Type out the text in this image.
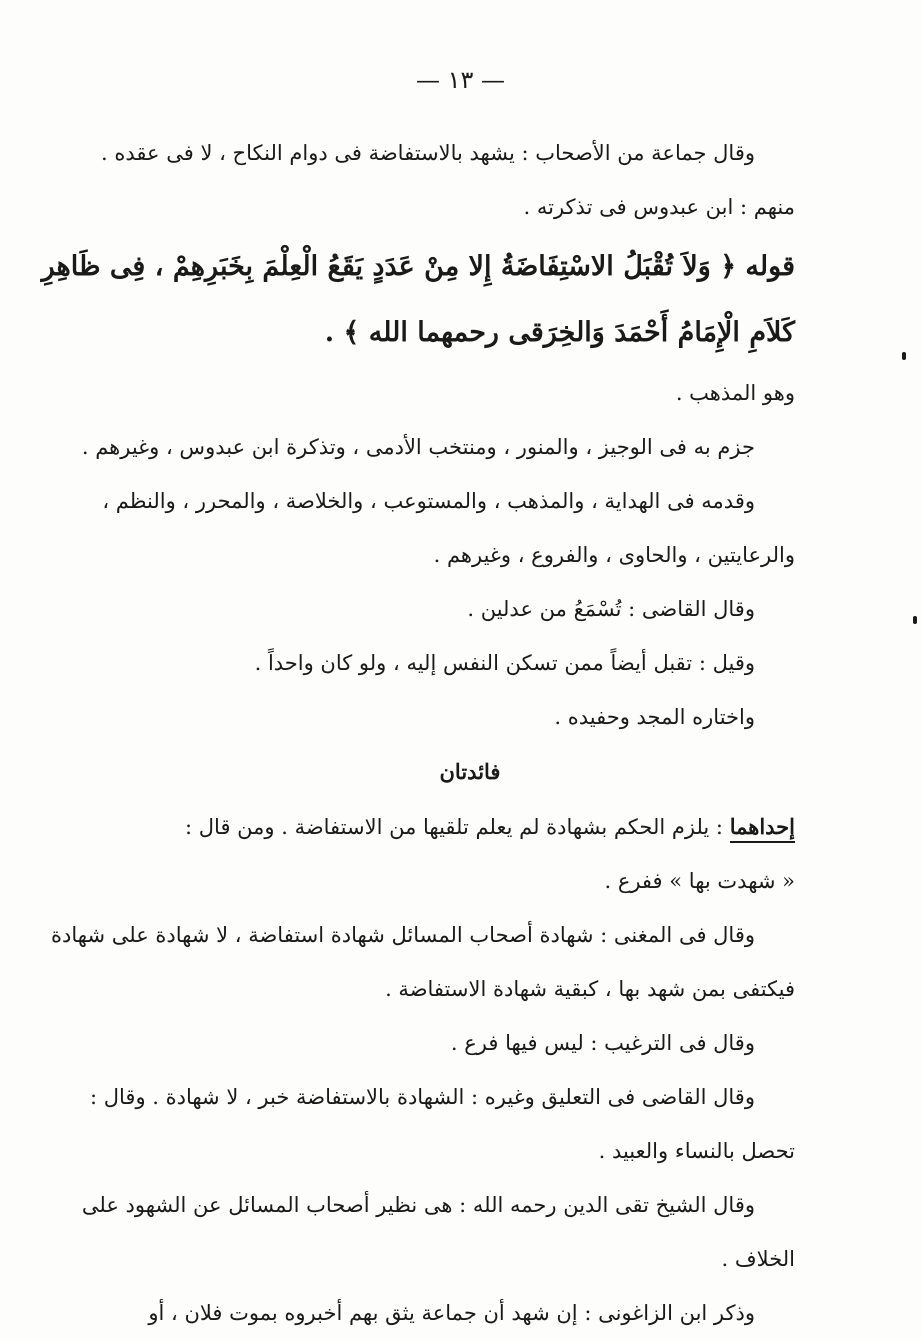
— ١٣ —
وقال جماعة من الأصحاب : يشهد بالاستفاضة فى دوام النكاح ، لا فى عقده .
منهم : ابن عبدوس فى تذكرته .
قوله ﴿ وَلاَ تُقْبَلُ الاسْتِفَاضَةُ إِلا مِنْ عَدَدٍ يَقَعُ الْعِلْمَ بِخَبَرِهِمْ ، فِى ظَاهِرِ
كَلاَمِ الْإِمَامُ أَحْمَدَ وَالخِرَقى رحمهما الله ﴾ .
وهو المذهب .
جزم به فى الوجيز ، والمنور ، ومنتخب الأدمى ، وتذكرة ابن عبدوس ، وغيرهم .
وقدمه فى الهداية ، والمذهب ، والمستوعب ، والخلاصة ، والمحرر ، والنظم ،
والرعايتين ، والحاوى ، والفروع ، وغيرهم .
وقال القاضى : تُسْمَعُ من عدلين .
وقيل : تقبل أيضاً ممن تسكن النفس إليه ، ولو كان واحداً .
واختاره المجد وحفيده .
فائدتان
إحداهما : يلزم الحكم بشهادة لم يعلم تلقيها من الاستفاضة . ومن قال :
« شهدت بها » ففرع .
وقال فى المغنى : شهادة أصحاب المسائل شهادة استفاضة ، لا شهادة على شهادة
فيكتفى بمن شهد بها ، كبقية شهادة الاستفاضة .
وقال فى الترغيب : ليس فيها فرع .
وقال القاضى فى التعليق وغيره : الشهادة بالاستفاضة خبر ، لا شهادة . وقال :
تحصل بالنساء والعبيد .
وقال الشيخ تقى الدين رحمه الله : هى نظير أصحاب المسائل عن الشهود على
الخلاف .
وذكر ابن الزاغونى : إن شهد أن جماعة يثق بهم أخبروه بموت فلان ، أو
